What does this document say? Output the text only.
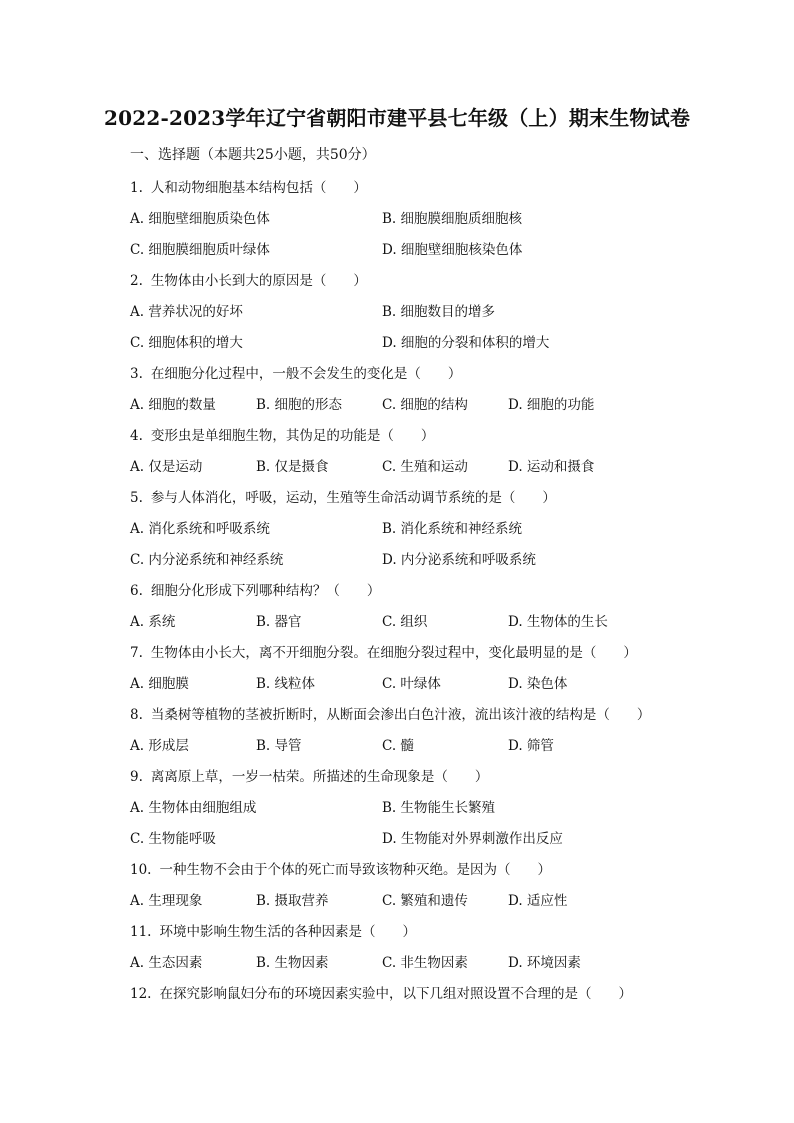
2022-2023学年辽宁省朝阳市建平县七年级（上）期末生物试卷
一、选择题（本题共25小题，共50分）
1. 人和动物细胞基本结构包括（　　）
A. 细胞壁细胞质染色体	B. 细胞膜细胞质细胞核
C. 细胞膜细胞质叶绿体	D. 细胞壁细胞核染色体
2. 生物体由小长到大的原因是（　　）
A. 营养状况的好坏	B. 细胞数目的增多
C. 细胞体积的增大	D. 细胞的分裂和体积的增大
3. 在细胞分化过程中，一般不会发生的变化是（　　）
A. 细胞的数量	B. 细胞的形态	C. 细胞的结构	D. 细胞的功能
4. 变形虫是单细胞生物，其伪足的功能是（　　）
A. 仅是运动	B. 仅是摄食	C. 生殖和运动	D. 运动和摄食
5. 参与人体消化，呼吸，运动，生殖等生命活动调节系统的是（　　）
A. 消化系统和呼吸系统	B. 消化系统和神经系统
C. 内分泌系统和神经系统	D. 内分泌系统和呼吸系统
6. 细胞分化形成下列哪种结构？（　　）
A. 系统	B. 器官	C. 组织	D. 生物体的生长
7. 生物体由小长大，离不开细胞分裂。在细胞分裂过程中，变化最明显的是（　　）
A. 细胞膜	B. 线粒体	C. 叶绿体	D. 染色体
8. 当桑树等植物的茎被折断时，从断面会渗出白色汁液，流出该汁液的结构是（　　）
A. 形成层	B. 导管	C. 髓	D. 筛管
9. 离离原上草，一岁一枯荣。所描述的生命现象是（　　）
A. 生物体由细胞组成	B. 生物能生长繁殖
C. 生物能呼吸	D. 生物能对外界刺激作出反应
10. 一种生物不会由于个体的死亡而导致该物种灭绝。是因为（　　）
A. 生理现象	B. 摄取营养	C. 繁殖和遗传	D. 适应性
11. 环境中影响生物生活的各种因素是（　　）
A. 生态因素	B. 生物因素	C. 非生物因素	D. 环境因素
12. 在探究影响鼠妇分布的环境因素实验中，以下几组对照设置不合理的是（　　）
